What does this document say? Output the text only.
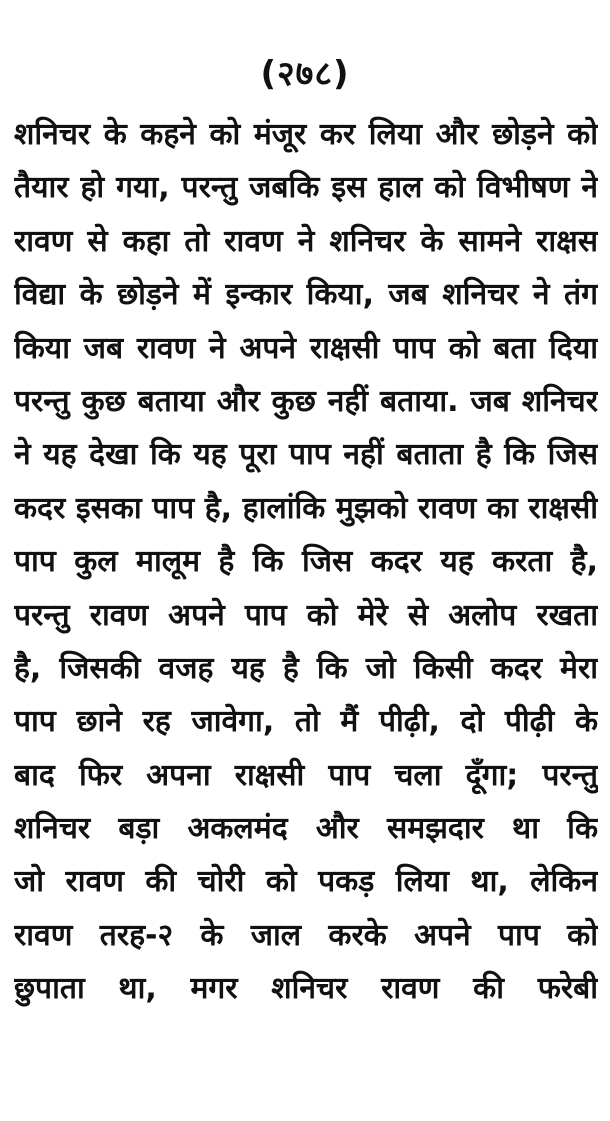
(२७८)
शनिचर के कहने को मंजूर कर लिया और छोड़ने को
तैयार हो गया, परन्तु जबकि इस हाल को विभीषण ने
रावण से कहा तो रावण ने शनिचर के सामने राक्षस
विद्या के छोड़ने में इन्कार किया, जब शनिचर ने तंग
किया जब रावण ने अपने राक्षसी पाप को बता दिया
परन्तु कुछ बताया और कुछ नहीं बताया. जब शनिचर
ने यह देखा कि यह पूरा पाप नहीं बताता है कि जिस
कदर इसका पाप है, हालांकि मुझको रावण का राक्षसी
पाप कुल मालूम है कि जिस कदर यह करता है,
परन्तु रावण अपने पाप को मेरे से अलोप रखता
है, जिसकी वजह यह है कि जो किसी कदर मेरा
पाप छाने रह जावेगा, तो मैं पीढ़ी, दो पीढ़ी के
बाद फिर अपना राक्षसी पाप चला दूँगा; परन्तु
शनिचर बड़ा अकलमंद और समझदार था कि
जो रावण की चोरी को पकड़ लिया था, लेकिन
रावण तरह-२ के जाल करके अपने पाप को
छुपाता था, मगर शनिचर रावण की फरेबी
